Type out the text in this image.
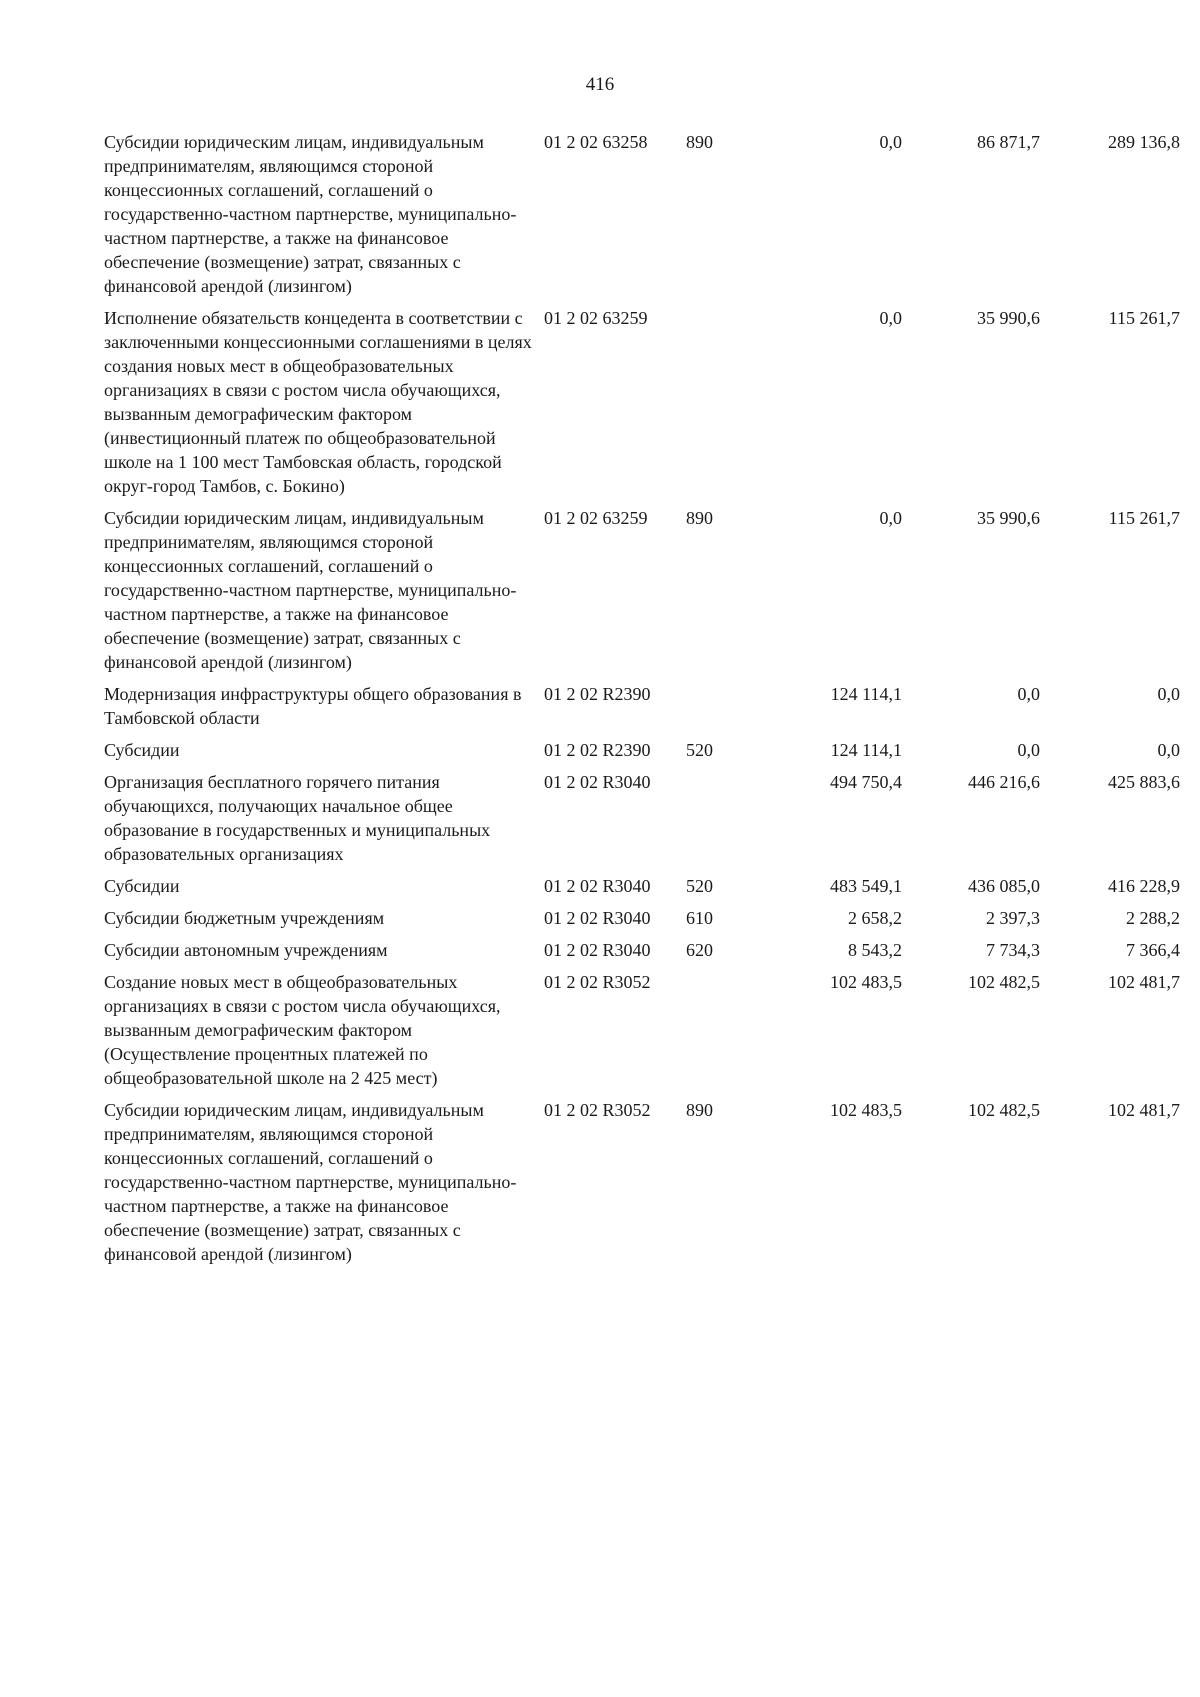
416
Субсидии юридическим лицам, индивидуальным предпринимателям, являющимся стороной концессионных соглашений, соглашений о государственно-частном партнерстве, муниципально-частном партнерстве, а также на финансовое обеспечение (возмещение) затрат, связанных с финансовой арендой (лизингом)	01 2 02 63258	890	0,0	86 871,7	289 136,8
Исполнение обязательств концедента в соответствии с заключенными концессионными соглашениями в целях создания новых мест в общеобразовательных организациях в связи с ростом числа обучающихся, вызванным демографическим фактором (инвестиционный платеж по общеобразовательной школе на 1 100 мест Тамбовская область, городской округ-город Тамбов, с. Бокино)	01 2 02 63259		0,0	35 990,6	115 261,7
Субсидии юридическим лицам, индивидуальным предпринимателям, являющимся стороной концессионных соглашений, соглашений о государственно-частном партнерстве, муниципально-частном партнерстве, а также на финансовое обеспечение (возмещение) затрат, связанных с финансовой арендой (лизингом)	01 2 02 63259	890	0,0	35 990,6	115 261,7
Модернизация инфраструктуры общего образования в Тамбовской области	01 2 02 R2390		124 114,1	0,0	0,0
Субсидии	01 2 02 R2390	520	124 114,1	0,0	0,0
Организация бесплатного горячего питания обучающихся, получающих начальное общее образование в государственных и муниципальных образовательных организациях	01 2 02 R3040		494 750,4	446 216,6	425 883,6
Субсидии	01 2 02 R3040	520	483 549,1	436 085,0	416 228,9
Субсидии бюджетным учреждениям	01 2 02 R3040	610	2 658,2	2 397,3	2 288,2
Субсидии автономным учреждениям	01 2 02 R3040	620	8 543,2	7 734,3	7 366,4
Создание новых мест в общеобразовательных организациях в связи с ростом числа обучающихся, вызванным демографическим фактором (Осуществление процентных платежей по общеобразовательной школе на 2 425 мест)	01 2 02 R3052		102 483,5	102 482,5	102 481,7
Субсидии юридическим лицам, индивидуальным предпринимателям, являющимся стороной концессионных соглашений, соглашений о государственно-частном партнерстве, муниципально-частном партнерстве, а также на финансовое обеспечение (возмещение) затрат, связанных с финансовой арендой (лизингом)	01 2 02 R3052	890	102 483,5	102 482,5	102 481,7
